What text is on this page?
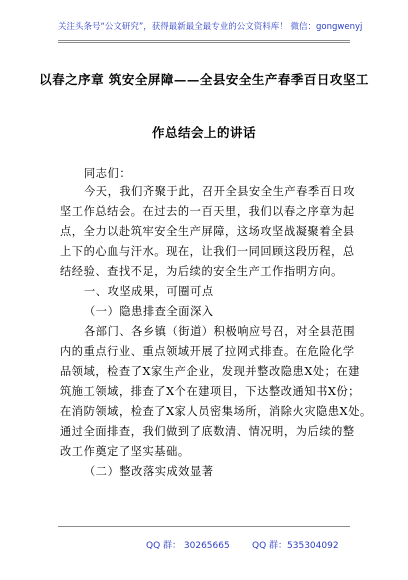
关注头条号“公文研究”，获得最新最全最专业的公文资料库！ 微信：gongwenyj
以春之序章 筑安全屏障——全县安全生产春季百日攻坚工
作总结会上的讲话
同志们：
今天，我们齐聚于此，召开全县安全生产春季百日攻
坚工作总结会。在过去的一百天里，我们以春之序章为起
点，全力以赴筑牢安全生产屏障，这场攻坚战凝聚着全县
上下的心血与汗水。现在，让我们一同回顾这段历程，总
结经验、查找不足，为后续的安全生产工作指明方向。
一、攻坚成果，可圈可点
（一）隐患排查全面深入
各部门、各乡镇（街道）积极响应号召，对全县范围
内的重点行业、重点领域开展了拉网式排查。在危险化学
品领域，检查了X家生产企业，发现并整改隐患X处；在建
筑施工领域，排查了X个在建项目，下达整改通知书X份；
在消防领域，检查了X家人员密集场所，消除火灾隐患X处。
通过全面排查，我们做到了底数清、情况明，为后续的整
改工作奠定了坚实基础。
（二）整改落实成效显著
QQ 群： 30265665 QQ 群：535304092
